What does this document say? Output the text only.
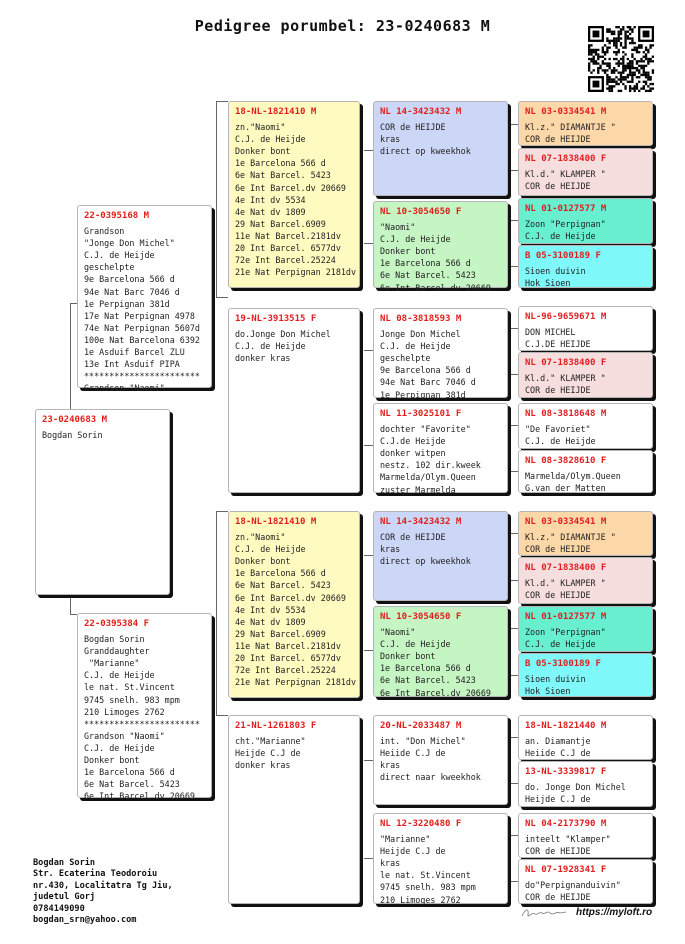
Pedigree porumbel: 23-0240683 M
23-0240683 M
Bogdan Sorin
22-0395168 M
Grandson
"Jonge Don Michel"
C.J. de Heijde
geschelpte
9e Barcelona 566 d
94e Nat Barc 7046 d
1e Perpignan 381d
17e Nat Perpignan 4978
74e Nat Perpignan 5607d
100e Nat Barcelona 6392
1e Asduif Barcel ZLU
13e Int Asduif PIPA
***********************
Grandson "Naomi"
22-0395384 F
Bogdan Sorin
Granddaughter
"Marianne"
C.J. de Heijde
le nat. St.Vincent
9745 snelh. 983 mpm
210 Limoges 2762
***********************
Grandson "Naomi"
C.J. de Heijde
Donker bont
1e Barcelona 566 d
6e Nat Barcel. 5423
6e Int Barcel.dv 20669
18-NL-1821410 M
zn."Naomi"
C.J. de Heijde
Donker bont
1e Barcelona 566 d
6e Nat Barcel. 5423
6e Int Barcel.dv 20669
4e Int dv 5534
4e Nat dv 1809
29 Nat Barcel.6909
11e Nat Barcel.2181dv
20 Int Barcel. 6577dv
72e Int Barcel.25224
21e Nat Perpignan 2181dv
19-NL-3913515 F
do.Jonge Don Michel
C.J. de Heijde
donker kras
18-NL-1821410 M
zn."Naomi"
C.J. de Heijde
Donker bont
1e Barcelona 566 d
6e Nat Barcel. 5423
6e Int Barcel.dv 20669
4e Int dv 5534
4e Nat dv 1809
29 Nat Barcel.6909
11e Nat Barcel.2181dv
20 Int Barcel. 6577dv
72e Int Barcel.25224
21e Nat Perpignan 2181dv
21-NL-1261803 F
cht."Marianne"
Heijde C.J de
donker kras
NL 14-3423432 M
COR de HEIJDE
kras
direct op kweekhok
NL 10-3054650 F
"Naomi"
C.J. de Heijde
Donker bont
1e Barcelona 566 d
6e Nat Barcel. 5423
6e Int Barcel.dv 20669
NL 08-3818593 M
Jonge Don Michel
C.J. de Heijde
geschelpte
9e Barcelona 566 d
94e Nat Barc 7046 d
1e Perpignan 381d
NL 11-3025101 F
dochter "Favorite"
C.J.de Heijde
donker witpen
nestz. 102 dir.kweek
Marmelda/Olym.Queen
zuster Marmelda
NL 14-3423432 M
COR de HEIJDE
kras
direct op kweekhok
NL 10-3054650 F
"Naomi"
C.J. de Heijde
Donker bont
1e Barcelona 566 d
6e Nat Barcel. 5423
6e Int Barcel.dv 20669
20-NL-2033487 M
int. "Don Michel"
Heiide C.J de
kras
direct naar kweekhok
NL 12-3220480 F
"Marianne"
Heijde C.J de
kras
le nat. St.Vincent
9745 snelh. 983 mpm
210 Limoges 2762
NL 03-0334541 M
Kl.z." DIAMANTJE "
COR de HEIJDE
NL 07-1838400 F
Kl.d." KLAMPER "
COR de HEIJDE
NL 01-0127577 M
Zoon "Perpignan"
C.J. de Heijde
B 05-3100189 F
Sioen duivin
Hok Sioen
NL-96-9659671 M
DON MICHEL
C.J.DE HEIJDE
NL 07-1838400 F
Kl.d." KLAMPER "
COR de HEIJDE
NL 08-3818648 M
"De Favoriet"
C.J. de Heijde
NL 08-3828610 F
Marmelda/Olym.Queen
G.van der Matten
NL 03-0334541 M
Kl.z." DIAMANTJE "
COR de HEIJDE
NL 07-1838400 F
Kl.d." KLAMPER "
COR de HEIJDE
NL 01-0127577 M
Zoon "Perpignan"
C.J. de Heijde
B 05-3100189 F
Sioen duivin
Hok Sioen
18-NL-1821440 M
an. Diamantje
Heiide C.J de
13-NL-3339817 F
do. Jonge Don Michel
Heijde C.J de
NL 04-2173790 M
inteelt "Klamper"
COR de HEIJDE
NL 07-1928341 F
do"Perpignanduivin"
COR de HEIJDE
Bogdan Sorin
Str. Ecaterina Teodoroiu
nr.430, Localitatra Tg Jiu,
judetul Gorj
0784149090
bogdan_srn@yahoo.com
https://myloft.ro
